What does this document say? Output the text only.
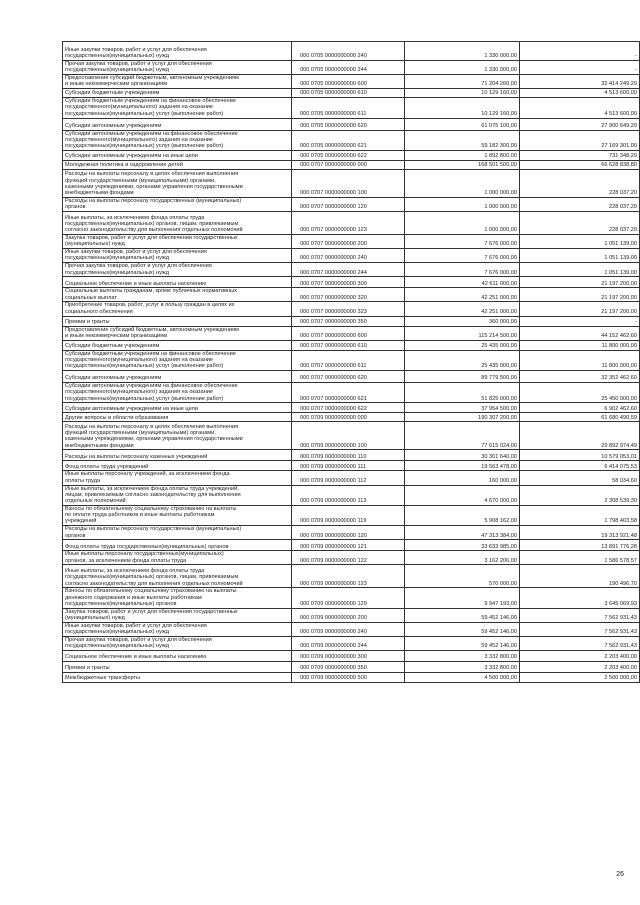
Иные закупки товаров, работ и услуг для обеспечения
государственных(муниципальных) нужд	000 0705 0000000000 240	1 330 000,00	-
Прочая закупка товаров, работ и услуг для обеспечения
государственных(муниципальных) нужд	000 0705 0000000000 244	1 330 000,00	-
Предоставление субсидий бюджетным, автономным учреждениям
и иным некоммерческим организациям	000 0705 0000000000 600	71 204 260,00	32 414 249,29
Субсидии бюджетным учреждениям	000 0705 0000000000 610	10 129 160,00	4 513 600,00
Субсидии бюджетным учреждениям на финансовое обеспечение
государственного(муниципального) задания на оказание
государственных(муниципальных) услуг (выполнение работ)	000 0705 0000000000 611	10 129 160,00	4 513 600,00
Субсидии автономным учреждениям	000 0705 0000000000 620	61 075 100,00	27 900 649,29
Субсидии автономным учреждениям на финансовое обеспечение
государственного(муниципального) задания на оказание
государственных(муниципальных) услуг (выполнение работ)	000 0705 0000000000 621	59 182 300,00	27 169 301,00
Субсидии автономным учреждениям на иные цели	000 0705 0000000000 622	1 892 800,00	731 348,29
Молодежная политика и оздоровление детей	000 0707 0000000000 000	168 501 500,00	66 628 838,80
Расходы на выплаты персоналу в целях обеспечения выполнения
функций государственными (муниципальными) органами,
казенными учреждениями, органами управления государственными
внебюджетными фондами	000 0707 0000000000 100	1 000 000,00	228 037,20
Расходы на выплаты персоналу государственных (муниципальных)
органов	000 0707 0000000000 120	1 000 000,00	228 037,20
Иные выплаты, за исключением фонда оплаты труда
государственных(муниципальных) органов, лицам, привлекаемым
согласно законодательству для выполнения отдельных полномочий	000 0707 0000000000 123	1 000 000,00	228 037,20
Закупка товаров, работ и услуг для обеспечения государственных
(муниципальных) нужд	000 0707 0000000000 200	7 676 000,00	1 051 139,00
Иные закупки товаров, работ и услуг для обеспечения
государственных(муниципальных) нужд	000 0707 0000000000 240	7 676 000,00	1 051 139,00
Прочая закупка товаров, работ и услуг для обеспечения
государственных(муниципальных) нужд	000 0707 0000000000 244	7 676 000,00	1 051 139,00
Социальное обеспечение и иные выплаты населению	000 0707 0000000000 300	42 611 000,00	21 197 200,00
Социальные выплаты гражданам, кроме публичных нормативных
социальных выплат	000 0707 0000000000 320	42 251 000,00	21 197 200,00
Приобретение товаров, работ, услуг в пользу граждан в целях их
социального обеспечения	000 0707 0000000000 323	42 251 000,00	21 197 200,00
Премии и гранты	000 0707 0000000000 350	360 000,00	-
Предоставление субсидий бюджетным, автономным учреждениям
и иным некоммерческим организациям	000 0707 0000000000 600	115 214 500,00	44 152 462,60
Субсидии бюджетным учреждениям	000 0707 0000000000 610	25 435 000,00	11 800 000,00
Субсидии бюджетным учреждениям на финансовое обеспечение
государственного(муниципального) задания на оказание
государственных(муниципальных) услуг (выполнение работ)	000 0707 0000000000 611	25 435 000,00	11 800 000,00
Субсидии автономным учреждениям	000 0707 0000000000 620	89 779 500,00	32 352 462,60
Субсидии автономным учреждениям на финансовое обеспечение
государственного(муниципального) задания на оказание
государственных(муниципальных) услуг (выполнение работ)	000 0707 0000000000 621	51 825 000,00	25 450 000,00
Субсидии автономным учреждениям на иные цели	000 0707 0000000000 622	37 954 500,00	6 902 462,60
Другие вопросы в области образования	000 0709 0000000000 000	190 307 200,00	61 680 490,59
Расходы на выплаты персоналу в целях обеспечения выполнения
функций государственными (муниципальными) органами,
казенными учреждениями, органами управления государственными
внебюджетными фондами	000 0709 0000000000 100	77 615 024,00	29 892 974,49
Расходы на выплаты персоналу казенных учреждений	000 0709 0000000000 110	30 301 640,00	10 579 053,01
Фонд оплаты труда учреждений	000 0709 0000000000 111	19 563 478,00	6 414 075,53
Иные выплаты персоналу учреждений, за исключением фонда
оплаты труда	000 0709 0000000000 112	160 000,00	58 034,60
Иные выплаты, за исключением фонда оплаты труда учреждений,
лицам, привлекаемым согласно законодательству для выполнения
отдельных полномочий	000 0709 0000000000 113	4 670 000,00	2 308 539,30
Взносы по обязательному социальному страхованию на выплаты
по оплате труда работников и иные выплаты работникам
учреждений	000 0709 0000000000 119	5 908 162,00	1 798 403,58
Расходы на выплаты персоналу государственных (муниципальных)
органов	000 0709 0000000000 120	47 313 384,00	19 313 921,48
Фонд оплаты труда государственных(муниципальных) органов	000 0709 0000000000 121	33 633 985,00	13 891 776,28
Иные выплаты персоналу государственных(муниципальных)
органов, за исключением фонда оплаты труда	000 0709 0000000000 122	3 162 206,00	1 586 578,57
Иные выплаты, за исключением фонда оплаты труда
государственных(муниципальных) органов, лицам, привлекаемым
согласно законодательству для выполнения отдельных полномочий	000 0709 0000000000 123	570 000,00	190 496,70
Взносы по обязательному социальному страхованию на выплаты
денежного содержания и иные выплаты работникам
государственных(муниципальных) органов	000 0709 0000000000 129	9 947 193,00	3 645 069,93
Закупка товаров, работ и услуг для обеспечения государственных
(муниципальных) нужд	000 0709 0000000000 200	59 452 146,00	7 562 931,43
Иные закупки товаров, работ и услуг для обеспечения
государственных(муниципальных) нужд	000 0709 0000000000 240	59 452 146,00	7 562 931,43
Прочая закупка товаров, работ и услуг для обеспечения
государственных(муниципальных) нужд	000 0709 0000000000 244	59 452 146,00	7 562 931,43
Социальное обеспечение и иные выплаты населению	000 0709 0000000000 300	3 332 800,00	2 203 400,00
Премии и гранты	000 0709 0000000000 350	3 332 800,00	2 203 400,00
Межбюджетные трансферты	000 0709 0000000000 500	4 500 000,00	2 500 000,00
26
